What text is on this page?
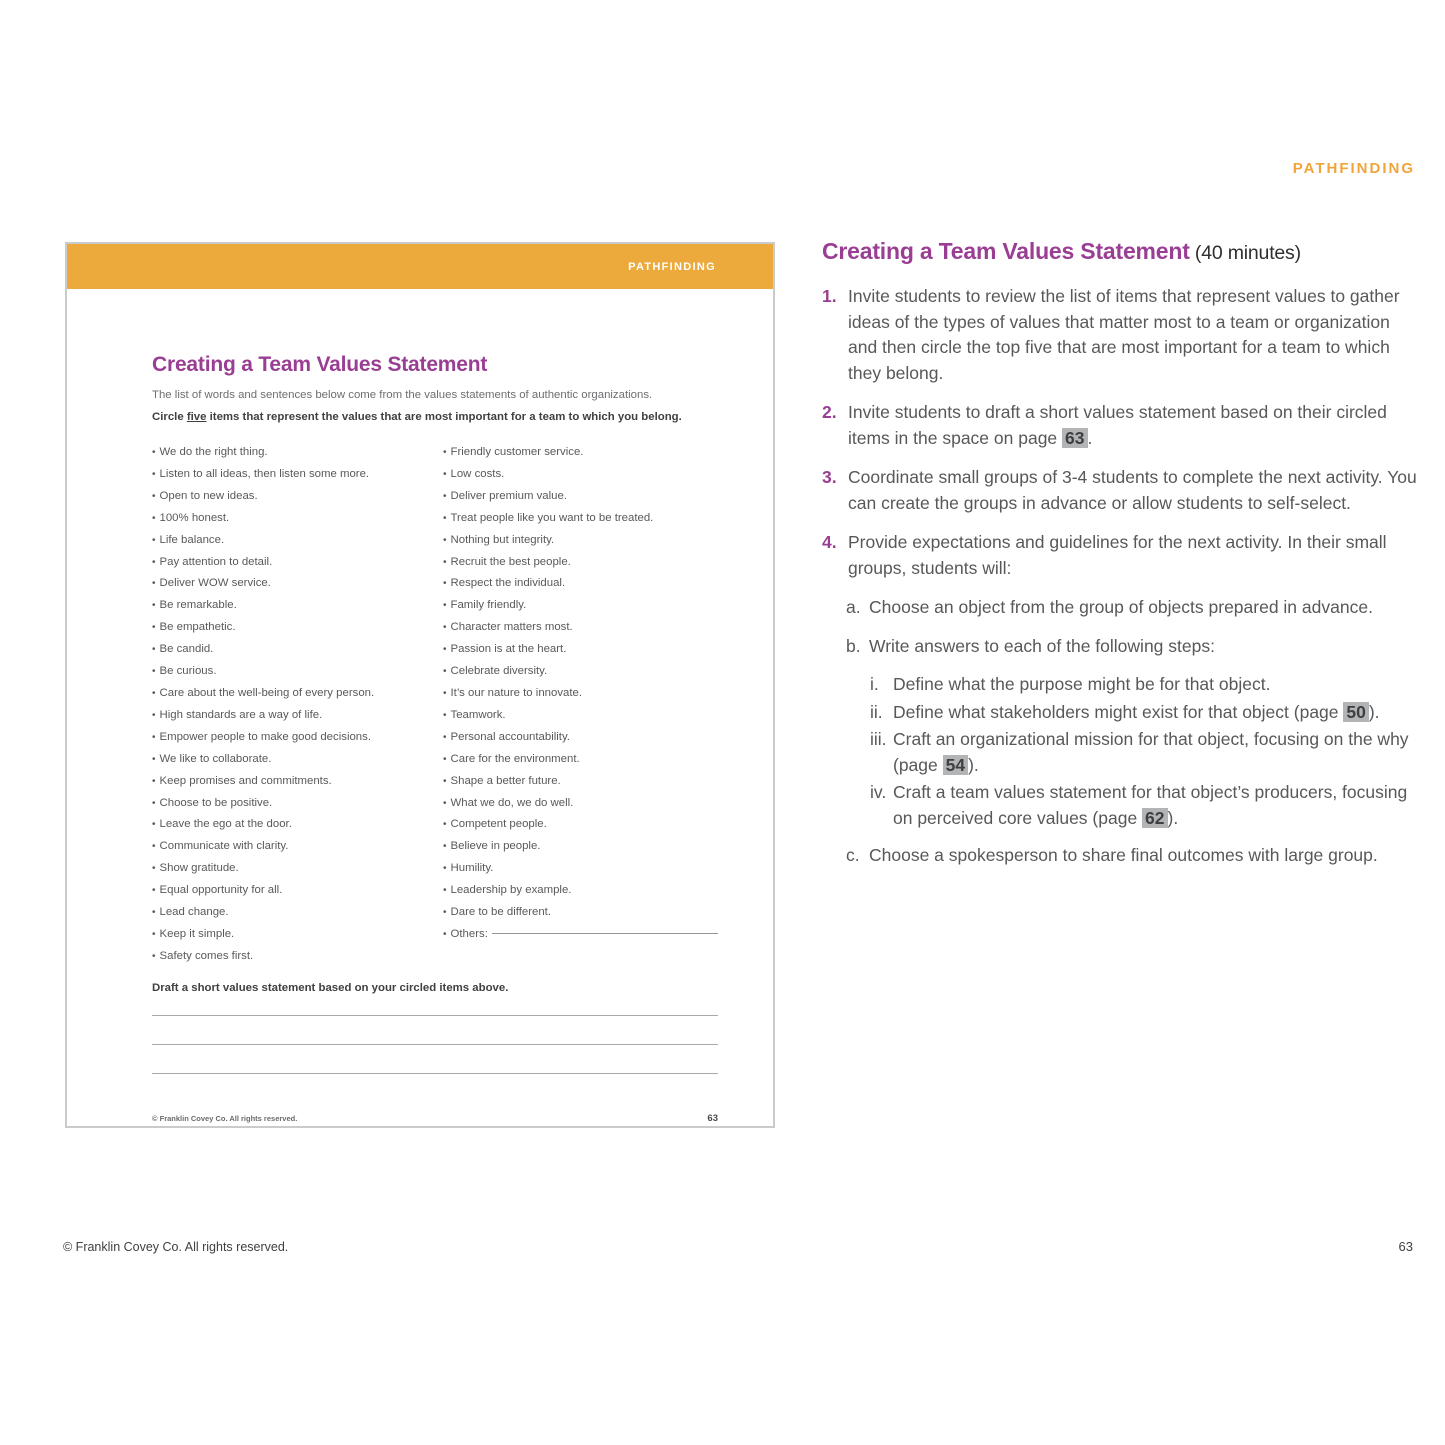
PATHFINDING
PATHFINDING
Creating a Team Values Statement
The list of words and sentences below come from the values statements of authentic organizations.
Circle five items that represent the values that are most important for a team to which you belong.
• We do the right thing.
• Listen to all ideas, then listen some more.
• Open to new ideas.
• 100% honest.
• Life balance.
• Pay attention to detail.
• Deliver WOW service.
• Be remarkable.
• Be empathetic.
• Be candid.
• Be curious.
• Care about the well-being of every person.
• High standards are a way of life.
• Empower people to make good decisions.
• We like to collaborate.
• Keep promises and commitments.
• Choose to be positive.
• Leave the ego at the door.
• Communicate with clarity.
• Show gratitude.
• Equal opportunity for all.
• Lead change.
• Keep it simple.
• Safety comes first.
• Friendly customer service.
• Low costs.
• Deliver premium value.
• Treat people like you want to be treated.
• Nothing but integrity.
• Recruit the best people.
• Respect the individual.
• Family friendly.
• Character matters most.
• Passion is at the heart.
• Celebrate diversity.
• It’s our nature to innovate.
• Teamwork.
• Personal accountability.
• Care for the environment.
• Shape a better future.
• What we do, we do well.
• Competent people.
• Believe in people.
• Humility.
• Leadership by example.
• Dare to be different.
• Others:
Draft a short values statement based on your circled items above.
© Franklin Covey Co. All rights reserved.	63
Creating a Team Values Statement (40 minutes)
1. Invite students to review the list of items that represent values to gather ideas of the types of values that matter most to a team or organization and then circle the top five that are most important for a team to which they belong.
2. Invite students to draft a short values statement based on their circled items in the space on page 63 .
3. Coordinate small groups of 3-4 students to complete the next activity. You can create the groups in advance or allow students to self-select.
4. Provide expectations and guidelines for the next activity. In their small groups, students will:
a. Choose an object from the group of objects prepared in advance.
b. Write answers to each of the following steps:
i. Define what the purpose might be for that object.
ii. Define what stakeholders might exist for that object (page 50 ).
iii. Craft an organizational mission for that object, focusing on the why (page 54 ).
iv. Craft a team values statement for that object’s producers, focusing on perceived core values (page 62 ).
c. Choose a spokesperson to share final outcomes with large group.
© Franklin Covey Co. All rights reserved.	63
